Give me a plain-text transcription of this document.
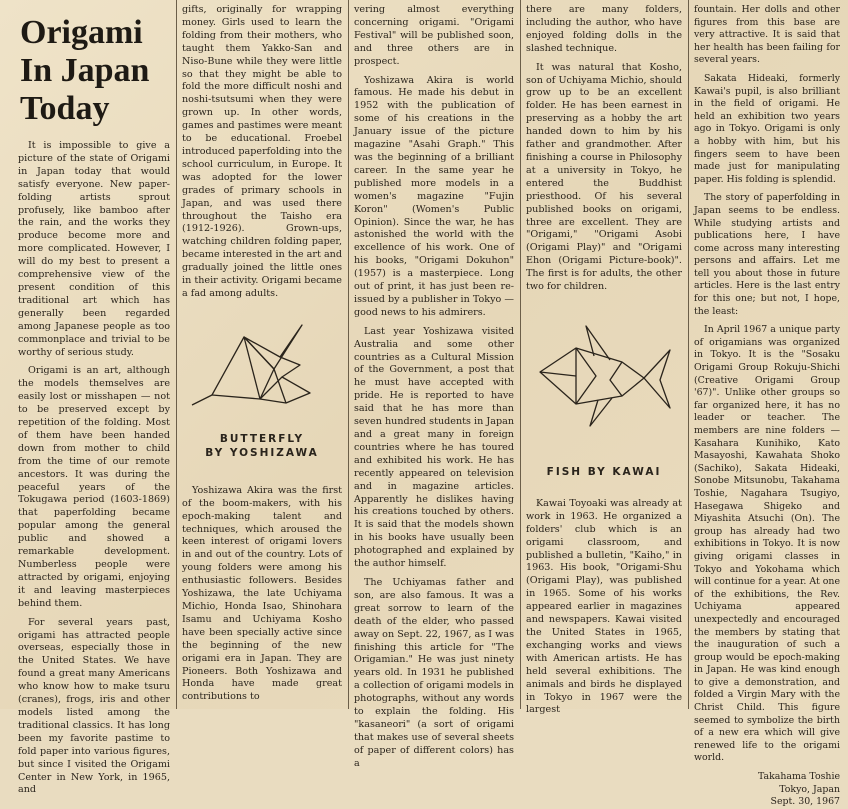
Origami
In Japan
Today

It is impossible to give a picture of the state of Origami in Japan today that would satisfy everyone. New paper-folding artists sprout profusely, like bamboo after the rain, and the works they produce become more and more complicated. However, I will do my best to present a comprehensive view of the present condition of this traditional art which has generally been regarded among Japanese people as too commonplace and trivial to be worthy of serious study.

Origami is an art, although the models themselves are easily lost or misshapen — not to be preserved except by repetition of the folding. Most of them have been handed down from mother to child from the time of our remote ancestors. It was during the peaceful years of the Tokugawa period (1603-1869) that paperfolding became popular among the general public and showed a remarkable development. Numberless people were attracted by origami, enjoying it and leaving masterpieces behind them.

For several years past, origami has attracted people overseas, especially those in the United States. We have found a great many Americans who know how to make tsuru (cranes), frogs, iris and other models listed among the traditional classics. It has long been my favorite pastime to fold paper into various figures, but since I visited the Origami Center in New York, in 1965, and

gifts, originally for wrapping money. Girls used to learn the folding from their mothers, who taught them Yakko-San and Niso-Bune while they were little so that they might be able to fold the more difficult noshi and noshi-tsutsumi when they were grown up. In other words, games and pastimes were meant to be educational. Froebel introduced paperfolding into the school curriculum, in Europe. It was adopted for the lower grades of primary schools in Japan, and was used there throughout the Taisho era (1912-1926). Grown-ups, watching children folding paper, became interested in the art and gradually joined the little ones in their activity. Origami became a fad among adults.

BUTTERFLY
BY YOSHIZAWA

Yoshizawa Akira was the first of the boom-makers, with his epoch-making talent and techniques, which aroused the keen interest of origami lovers in and out of the country. Lots of young folders were among his enthusiastic followers. Besides Yoshizawa, the late Uchiyama Michio, Honda Isao, Shinohara Isamu and Uchiyama Kosho have been specially active since the beginning of the new origami era in Japan. They are Pioneers. Both Yoshizawa and Honda have made great contributions to

vering almost everything concerning origami. "Origami Festival" will be published soon, and three others are in prospect.

Yoshizawa Akira is world famous. He made his debut in 1952 with the publication of some of his creations in the January issue of the picture magazine "Asahi Graph." This was the beginning of a brilliant career. In the same year he published more models in a women's magazine "Fujin Koron" (Women's Public Opinion). Since the war, he has astonished the world with the excellence of his work. One of his books, "Origami Dokuhon" (1957) is a masterpiece. Long out of print, it has just been re-issued by a publisher in Tokyo — good news to his admirers.

Last year Yoshizawa visited Australia and some other countries as a Cultural Mission of the Government, a post that he must have accepted with pride. He is reported to have said that he has more than seven hundred students in Japan and a great many in foreign countries where he has toured and exhibited his work. He has recently appeared on television and in magazine articles. Apparently he dislikes having his creations touched by others. It is said that the models shown in his books have usually been photographed and explained by the author himself.

The Uchiyamas father and son, are also famous. It was a great sorrow to learn of the death of the elder, who passed away on Sept. 22, 1967, as I was finishing this article for "The Origamian." He was just ninety years old. In 1931 he published a collection of origami models in photographs, without any words to explain the folding. His "kasaneori" (a sort of origami that makes use of several sheets of paper of different colors) has a

there are many folders, including the author, who have enjoyed folding dolls in the slashed technique.

It was natural that Kosho, son of Uchiyama Michio, should grow up to be an excellent folder. He has been earnest in preserving as a hobby the art handed down to him by his father and grandmother. After finishing a course in Philosophy at a university in Tokyo, he entered the Buddhist priesthood. Of his several published books on origami, three are excellent. They are "Origami," "Origami Asobi (Origami Play)" and "Origami Ehon (Origami Picture-book)". The first is for adults, the other two for children.

FISH BY KAWAI

Kawai Toyoaki was already at work in 1963. He organized a folders' club which is an origami classroom, and published a bulletin, "Kaiho," in 1963. His book, "Origami-Shu (Origami Play), was published in 1965. Some of his works appeared earlier in magazines and newspapers. Kawai visited the United States in 1965, exchanging works and views with American artists. He has held several exhibitions. The animals and birds he displayed in Tokyo in 1967 were the largest

fountain. Her dolls and other figures from this base are very attractive. It is said that her health has been failing for several years.

Sakata Hideaki, formerly Kawai's pupil, is also brilliant in the field of origami. He held an exhibition two years ago in Tokyo. Origami is only a hobby with him, but his fingers seem to have been made just for manipulating paper. His folding is splendid.

The story of paperfolding in Japan seems to be endless. While studying artists and publications here, I have come across many interesting persons and affairs. Let me tell you about those in future articles. Here is the last entry for this one; but not, I hope, the least:

In April 1967 a unique party of origamians was organized in Tokyo. It is the "Sosaku Origami Group Rokuju-Shichi (Creative Origami Group '67)". Unlike other groups so far organized here, it has no leader or teacher. The members are nine folders — Kasahara Kunihiko, Kato Masayoshi, Kawahata Shoko (Sachiko), Sakata Hideaki, Sonobe Mitsunobu, Takahama Toshie, Nagahara Tsugiyo, Hasegawa Shigeko and Miyashita Atsuchi (On). The group has already had two exhibitions in Tokyo. It is now giving origami classes in Tokyo and Yokohama which will continue for a year. At one of the exhibitions, the Rev. Uchiyama appeared unexpectedly and encouraged the members by stating that the inauguration of such a group would be epoch-making in Japan. He was kind enough to give a demonstration, and folded a Virgin Mary with the Christ Child. This figure seemed to symbolize the birth of a new era which will give renewed life to the origami world.

Takahama Toshie

Tokyo, Japan

Sept. 30, 1967
